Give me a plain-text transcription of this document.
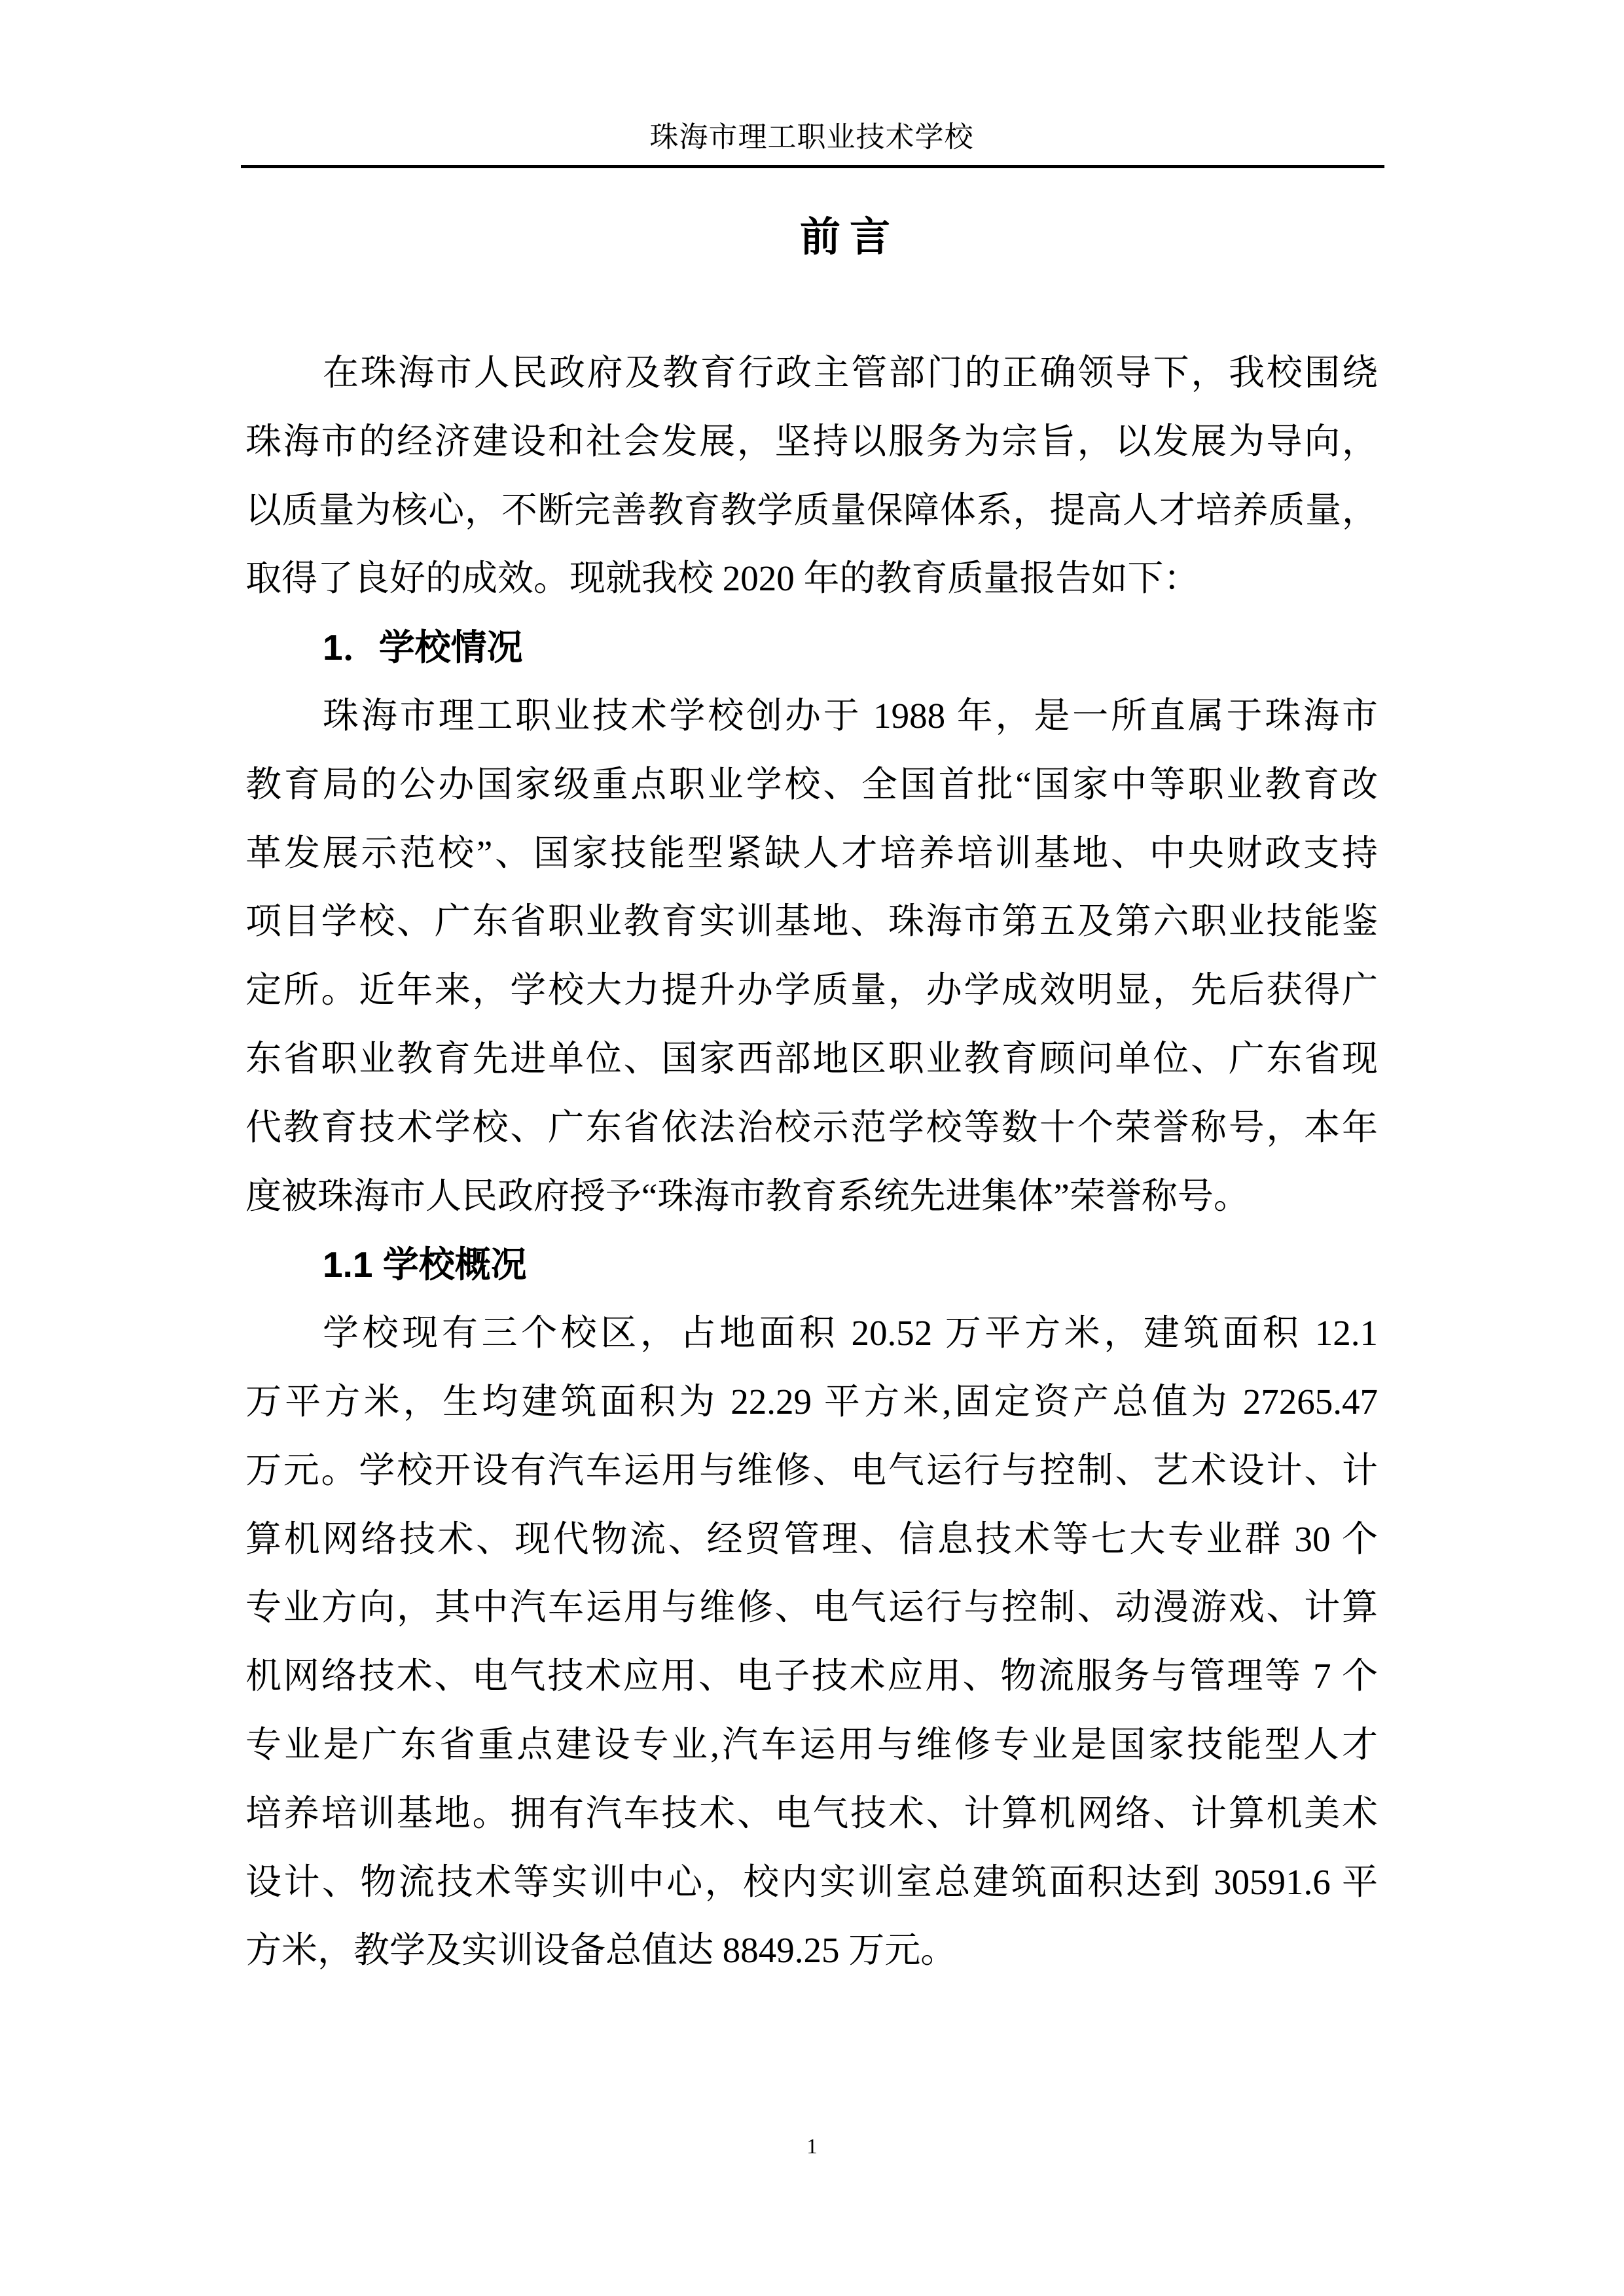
珠海市理工职业技术学校
前言
在珠海市人民政府及教育行政主管部门的正确领导下，我校围绕
珠海市的经济建设和社会发展，坚持以服务为宗旨，以发展为导向，
以质量为核心，不断完善教育教学质量保障体系，提高人才培养质量，
取得了良好的成效。现就我校 2020 年的教育质量报告如下：
1．学校情况
珠海市理工职业技术学校创办于 1988 年，是一所直属于珠海市
教育局的公办国家级重点职业学校、全国首批“国家中等职业教育改
革发展示范校”、国家技能型紧缺人才培养培训基地、中央财政支持
项目学校、广东省职业教育实训基地、珠海市第五及第六职业技能鉴
定所。近年来，学校大力提升办学质量，办学成效明显，先后获得广
东省职业教育先进单位、国家西部地区职业教育顾问单位、广东省现
代教育技术学校、广东省依法治校示范学校等数十个荣誉称号，本年
度被珠海市人民政府授予“珠海市教育系统先进集体”荣誉称号。
1.1 学校概况
学校现有三个校区，占地面积 20.52 万平方米，建筑面积 12.1
万平方米，生均建筑面积为 22.29 平方米,固定资产总值为 27265.47
万元。学校开设有汽车运用与维修、电气运行与控制、艺术设计、计
算机网络技术、现代物流、经贸管理、信息技术等七大专业群 30 个
专业方向，其中汽车运用与维修、电气运行与控制、动漫游戏、计算
机网络技术、电气技术应用、电子技术应用、物流服务与管理等 7 个
专业是广东省重点建设专业,汽车运用与维修专业是国家技能型人才
培养培训基地。拥有汽车技术、电气技术、计算机网络、计算机美术
设计、物流技术等实训中心，校内实训室总建筑面积达到 30591.6 平
方米，教学及实训设备总值达 8849.25 万元。
1
